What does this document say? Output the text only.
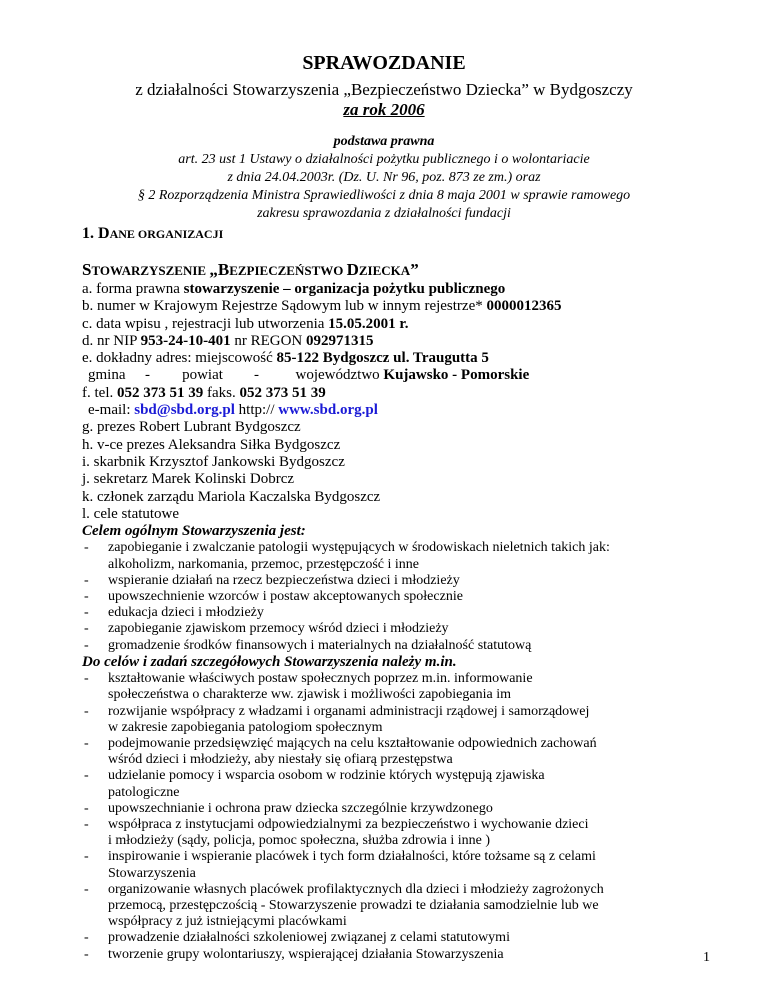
SPRAWOZDANIE
z działalności Stowarzyszenia „Bezpieczeństwo Dziecka” w Bydgoszczy
za rok 2006
podstawa prawna
art. 23 ust 1 Ustawy o działalności pożytku publicznego i o wolontariacie
z dnia 24.04.2003r. (Dz. U. Nr 96, poz. 873 ze zm.) oraz
§ 2 Rozporządzenia Ministra Sprawiedliwości z dnia 8 maja 2001 w sprawie ramowego
zakresu sprawozdania z działalności fundacji
1. DANE ORGANIZACJI
STOWARZYSZENIE „BEZPIECZEŃSTWO DZIECKA”
a. forma prawna stowarzyszenie – organizacja pożytku publicznego
b. numer w Krajowym Rejestrze Sądowym lub w innym rejestrze* 0000012365
c. data wpisu , rejestracji lub utworzenia 15.05.2001 r.
d. nr NIP 953-24-10-401 nr REGON 092971315
e. dokładny adres: miejscowość 85-122 Bydgoszcz ul. Traugutta 5
gmina - powiat - województwo Kujawsko - Pomorskie
f. tel. 052 373 51 39 faks. 052 373 51 39
e-mail: sbd@sbd.org.pl http:// www.sbd.org.pl
g. prezes Robert Lubrant Bydgoszcz
h. v-ce prezes Aleksandra Siłka Bydgoszcz
i. skarbnik Krzysztof Jankowski Bydgoszcz
j. sekretarz Marek Kolinski Dobrcz
k. członek zarządu Mariola Kaczalska Bydgoszcz
l. cele statutowe
Celem ogólnym Stowarzyszenia jest:
- zapobieganie i zwalczanie patologii występujących w środowiskach nieletnich takich jak:
alkoholizm, narkomania, przemoc, przestępczość i inne
- wspieranie działań na rzecz bezpieczeństwa dzieci i młodzieży
- upowszechnienie wzorców i postaw akceptowanych społecznie
- edukacja dzieci i młodzieży
- zapobieganie zjawiskom przemocy wśród dzieci i młodzieży
- gromadzenie środków finansowych i materialnych na działalność statutową
Do celów i zadań szczegółowych Stowarzyszenia należy m.in.
- kształtowanie właściwych postaw społecznych poprzez m.in. informowanie
społeczeństwa o charakterze ww. zjawisk i możliwości zapobiegania im
- rozwijanie współpracy z władzami i organami administracji rządowej i samorządowej
w zakresie zapobiegania patologiom społecznym
- podejmowanie przedsięwzięć mających na celu kształtowanie odpowiednich zachowań
wśród dzieci i młodzieży, aby niestały się ofiarą przestępstwa
- udzielanie pomocy i wsparcia osobom w rodzinie których występują zjawiska
patologiczne
- upowszechnianie i ochrona praw dziecka szczególnie krzywdzonego
- współpraca z instytucjami odpowiedzialnymi za bezpieczeństwo i wychowanie dzieci
i młodzieży (sądy, policja, pomoc społeczna, służba zdrowia i inne )
- inspirowanie i wspieranie placówek i tych form działalności, które tożsame są z celami
Stowarzyszenia
- organizowanie własnych placówek profilaktycznych dla dzieci i młodzieży zagrożonych
przemocą, przestępczością - Stowarzyszenie prowadzi te działania samodzielnie lub we
współpracy z już istniejącymi placówkami
- prowadzenie działalności szkoleniowej związanej z celami statutowymi
- tworzenie grupy wolontariuszy, wspierającej działania Stowarzyszenia	1
